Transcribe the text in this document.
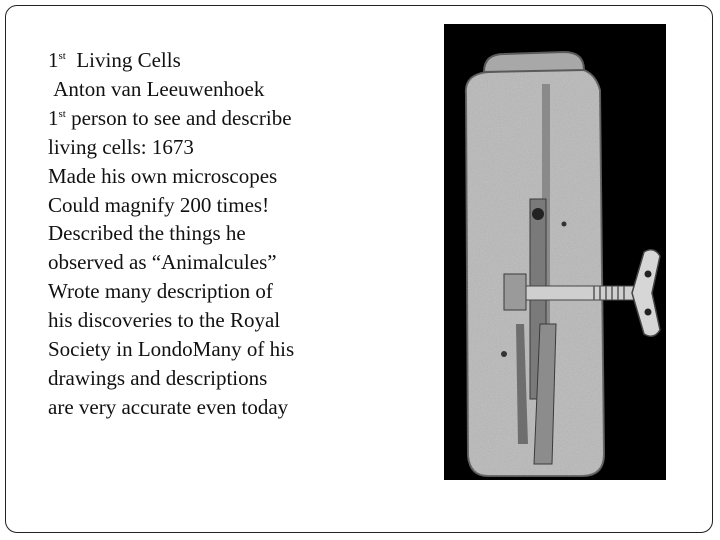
1st Living Cells
Anton van Leeuwenhoek
1st person to see and describe
living cells: 1673
Made his own microscopes
Could magnify 200 times!
Described the things he
observed as “Animalcules”
Wrote many description of
his discoveries to the Royal
Society in LondoMany of his
drawings and descriptions
are very accurate even today
